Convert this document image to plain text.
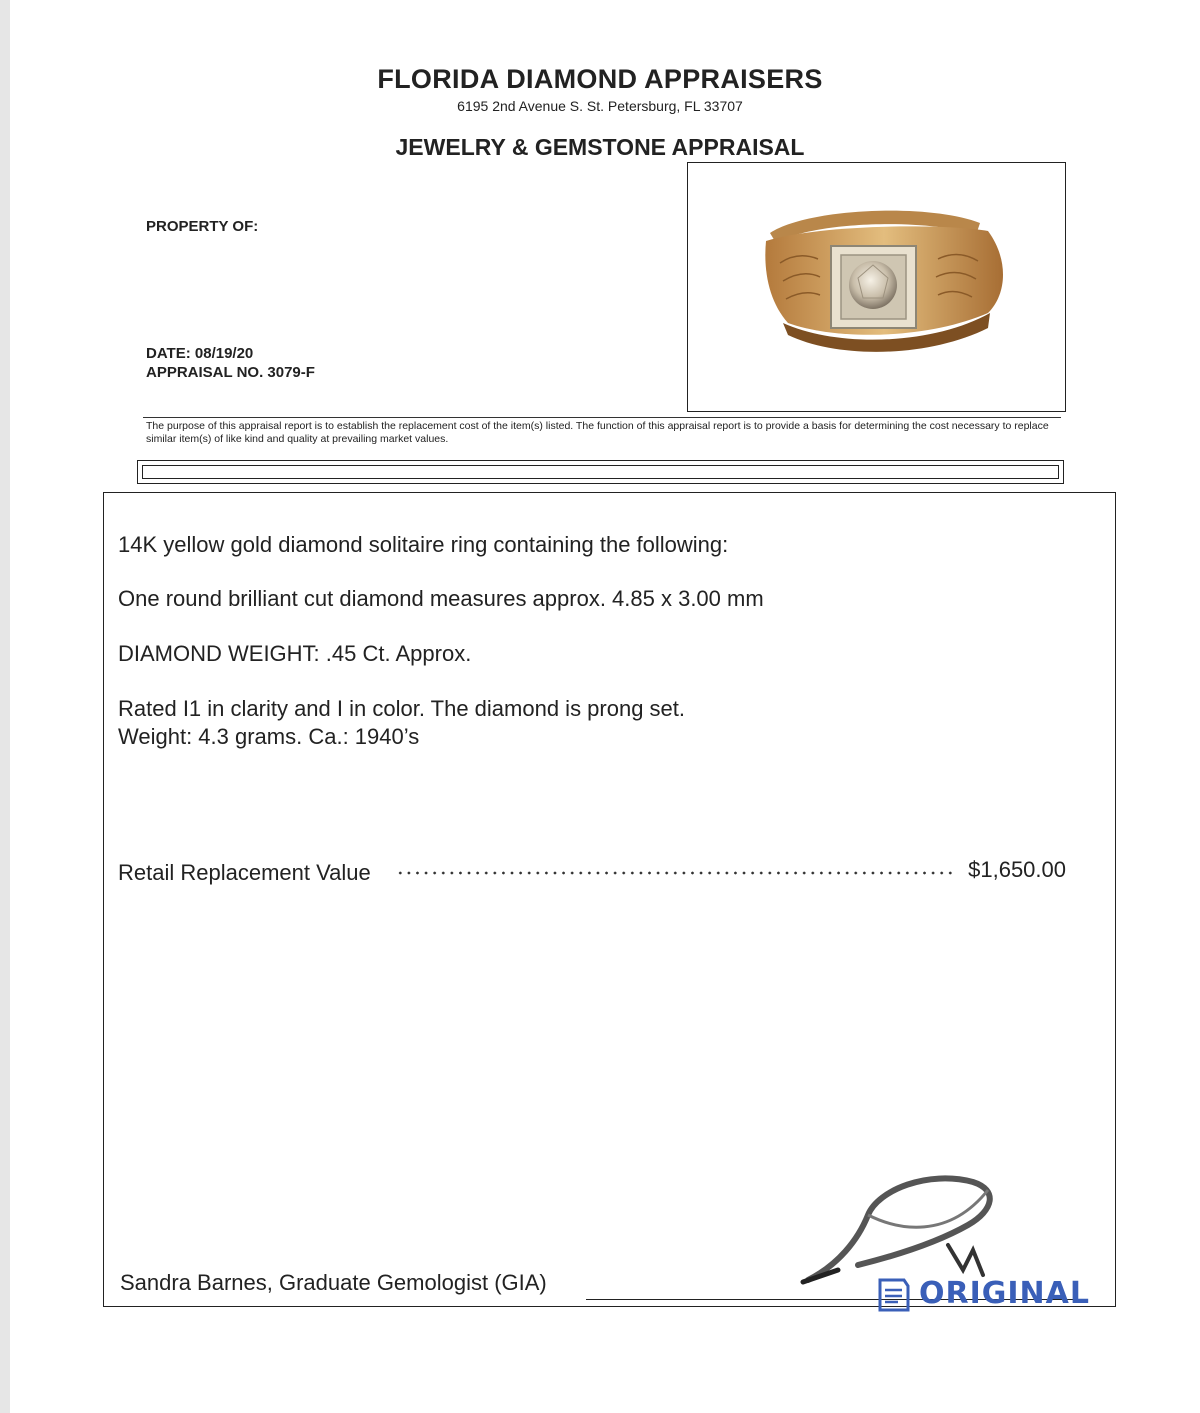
FLORIDA DIAMOND APPRAISERS
6195 2nd Avenue S. St. Petersburg, FL 33707
JEWELRY & GEMSTONE APPRAISAL
PROPERTY OF:
DATE: 08/19/20
APPRAISAL NO. 3079-F
The purpose of this appraisal report is to establish the replacement cost of the item(s) listed. The function of this appraisal report is to provide a basis for determining the cost necessary to replace similar item(s) of like kind and quality at prevailing market values.
14K yellow gold diamond solitaire ring containing the following:
One round brilliant cut diamond measures approx. 4.85 x 3.00 mm
DIAMOND WEIGHT: .45 Ct. Approx.
Rated I1 in clarity and I in color. The diamond is prong set.
Weight: 4.3 grams. Ca.: 1940’s
Retail Replacement Value	$1,650.00
Sandra Barnes, Graduate Gemologist (GIA)	ORIGINAL
